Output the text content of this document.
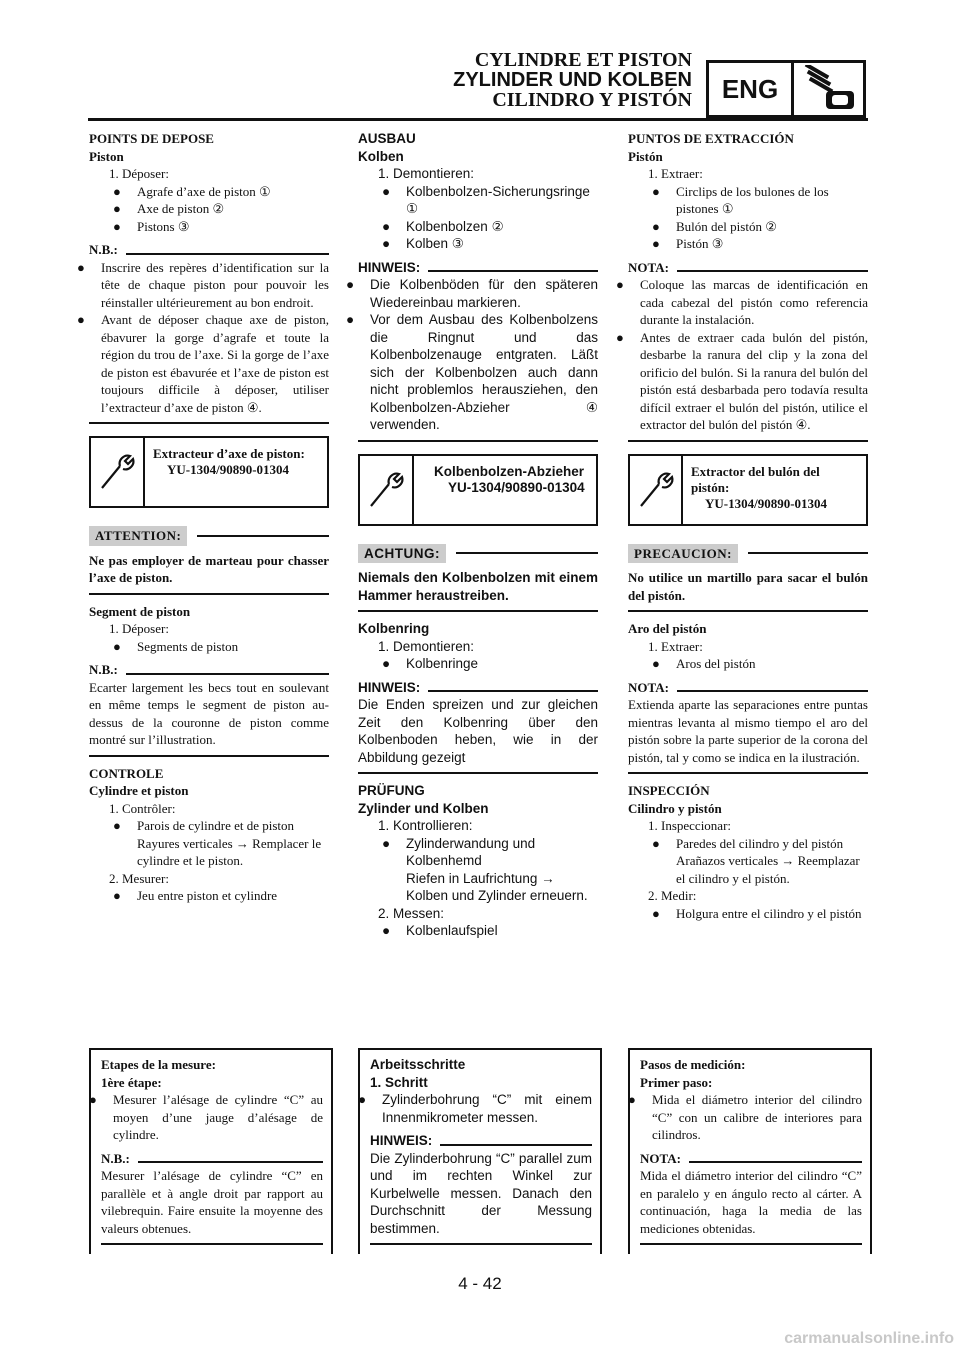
CYLINDRE ET PISTON
ZYLINDER UND KOLBEN
CILINDRO Y PISTÓN	ENG
POINTS DE DEPOSE
Piston
1. Déposer:
● Agrafe d’axe de piston ①
● Axe de piston ②
● Pistons ③
N.B.:
● Inscrire des repères d’identification sur la tête de chaque piston pour pouvoir les réinstaller ultérieurement au bon endroit.
● Avant de déposer chaque axe de piston, ébavurer la gorge d’agrafe et toute la région du trou de l’axe. Si la gorge de l’axe de piston est ébavurée et l’axe de piston est toujours difficile à déposer, utiliser l’extracteur d’axe de piston ④.
Extracteur d’axe de piston:
YU-1304/90890-01304
ATTENTION:
Ne pas employer de marteau pour chasser l’axe de piston.
Segment de piston
1. Déposer:
● Segments de piston
N.B.:
Ecarter largement les becs tout en soulevant en même temps le segment de piston au-dessus de la couronne de piston comme montré sur l’illustration.
CONTROLE
Cylindre et piston
1. Contrôler:
● Parois de cylindre et de piston
Rayures verticales → Remplacer le cylindre et le piston.
2. Mesurer:
● Jeu entre piston et cylindre
AUSBAU
Kolben
1. Demontieren:
● Kolbenbolzen-Sicherungsringe ①
● Kolbenbolzen ②
● Kolben ③
HINWEIS:
● Die Kolbenböden für den späteren Wiedereinbau markieren.
● Vor dem Ausbau des Kolbenbolzens die Ringnut und das Kolbenbolzenauge entgraten. Läßt sich der Kolbenbolzen auch dann nicht problemlos herausziehen, den Kolbenbolzen-Abzieher ④ verwenden.
Kolbenbolzen-Abzieher
YU-1304/90890-01304
ACHTUNG:
Niemals den Kolbenbolzen mit einem Hammer heraustreiben.
Kolbenring
1. Demontieren:
● Kolbenringe
HINWEIS:
Die Enden spreizen und zur gleichen Zeit den Kolbenring über den Kolbenboden heben, wie in der Abbildung gezeigt
PRÜFUNG
Zylinder und Kolben
1. Kontrollieren:
● Zylinderwandung und Kolbenhemd
Riefen in Laufrichtung → Kolben und Zylinder erneuern.
2. Messen:
● Kolbenlaufspiel
PUNTOS DE EXTRACCIÓN
Pistón
1. Extraer:
● Circlips de los bulones de los pistones ①
● Bulón del pistón ②
● Pistón ③
NOTA:
● Coloque las marcas de identificación en cada cabezal del pistón como referencia durante la instalación.
● Antes de extraer cada bulón del pistón, desbarbe la ranura del clip y la zona del orificio del bulón. Si la ranura del bulón del pistón está desbarbada pero todavía resulta difícil extraer el bulón del pistón, utilice el extractor del bulón del pistón ④.
Extractor del bulón del pistón:
YU-1304/90890-01304
PRECAUCION:
No utilice un martillo para sacar el bulón del pistón.
Aro del pistón
1. Extraer:
● Aros del pistón
NOTA:
Extienda aparte las separaciones entre puntas mientras levanta al mismo tiempo el aro del pistón sobre la parte superior de la corona del pistón, tal y como se indica en la ilustración.
INSPECCIÓN
Cilindro y pistón
1. Inspeccionar:
● Paredes del cilindro y del pistón
Arañazos verticales → Reemplazar el cilindro y el pistón.
2. Medir:
● Holgura entre el cilindro y el pistón
Etapes de la mesure:
1ère étape:
● Mesurer l’alésage de cylindre “C” au moyen d’une jauge d’alésage de cylindre.
N.B.:
Mesurer l’alésage de cylindre “C” en parallèle et à angle droit par rapport au vilebrequin. Faire ensuite la moyenne des valeurs obtenues.
Arbeitsschritte
1. Schritt
● Zylinderbohrung “C” mit einem Innenmikrometer messen.
HINWEIS:
Die Zylinderbohrung “C” parallel zum und im rechten Winkel zur Kurbelwelle messen. Danach den Durchschnitt der Messung bestimmen.
Pasos de medición:
Primer paso:
● Mida el diámetro interior del cilindro “C” con un calibre de interiores para cilindros.
NOTA:
Mida el diámetro interior del cilindro “C” en paralelo y en ángulo recto al cárter. A continuación, haga la media de las mediciones obtenidas.
4 - 42
carmanualsonline.info
